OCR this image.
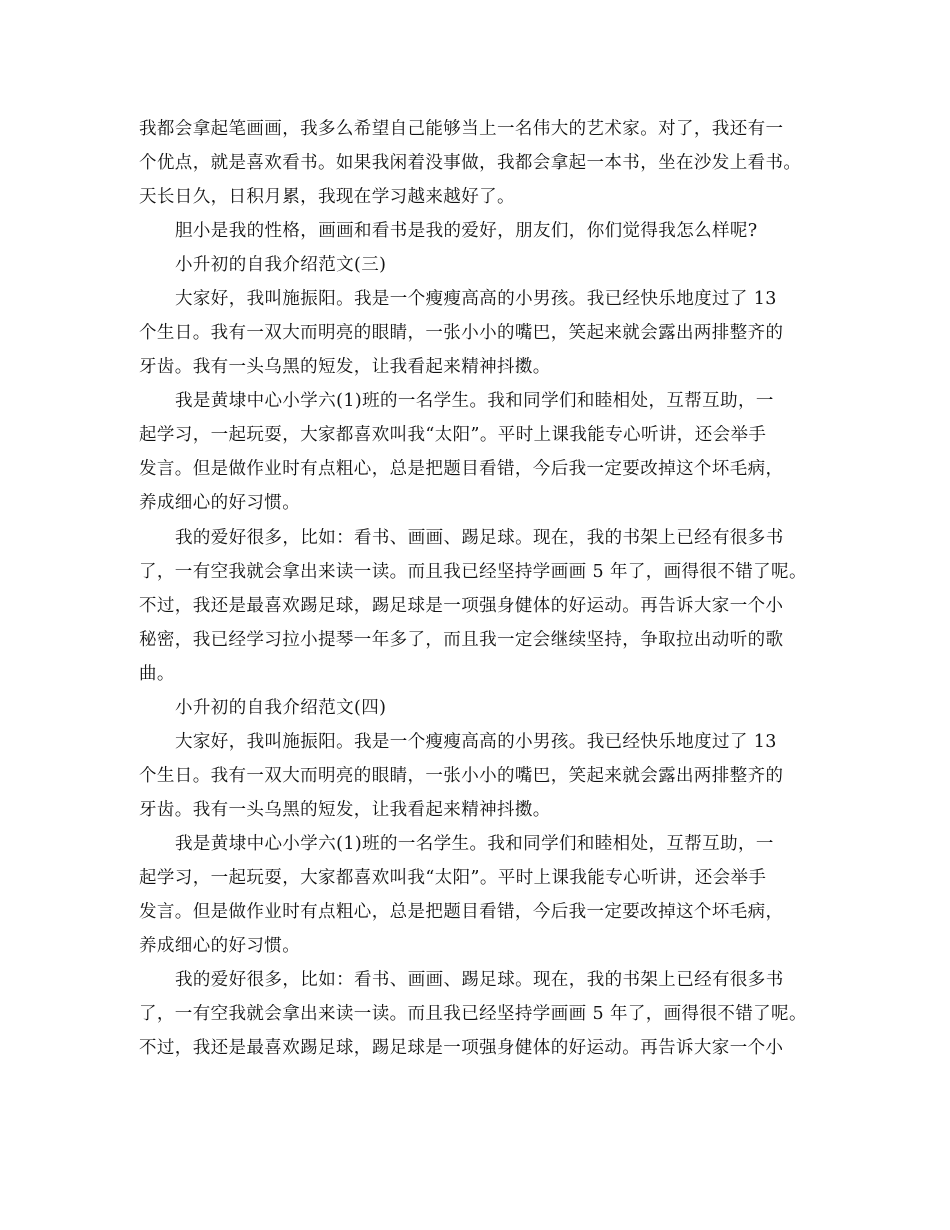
我都会拿起笔画画，我多么希望自己能够当上一名伟大的艺术家。对了，我还有一
个优点，就是喜欢看书。如果我闲着没事做，我都会拿起一本书，坐在沙发上看书。
天长日久，日积月累，我现在学习越来越好了。
胆小是我的性格，画画和看书是我的爱好，朋友们，你们觉得我怎么样呢?
小升初的自我介绍范文(三)
大家好，我叫施振阳。我是一个瘦瘦高高的小男孩。我已经快乐地度过了 13
个生日。我有一双大而明亮的眼睛，一张小小的嘴巴，笑起来就会露出两排整齐的
牙齿。我有一头乌黑的短发，让我看起来精神抖擞。
我是黄埭中心小学六(1)班的一名学生。我和同学们和睦相处，互帮互助，一
起学习，一起玩耍，大家都喜欢叫我“太阳”。平时上课我能专心听讲，还会举手
发言。但是做作业时有点粗心，总是把题目看错，今后我一定要改掉这个坏毛病，
养成细心的好习惯。
我的爱好很多，比如：看书、画画、踢足球。现在，我的书架上已经有很多书
了，一有空我就会拿出来读一读。而且我已经坚持学画画 5 年了，画得很不错了呢。
不过，我还是最喜欢踢足球，踢足球是一项强身健体的好运动。再告诉大家一个小
秘密，我已经学习拉小提琴一年多了，而且我一定会继续坚持，争取拉出动听的歌
曲。
小升初的自我介绍范文(四)
大家好，我叫施振阳。我是一个瘦瘦高高的小男孩。我已经快乐地度过了 13
个生日。我有一双大而明亮的眼睛，一张小小的嘴巴，笑起来就会露出两排整齐的
牙齿。我有一头乌黑的短发，让我看起来精神抖擞。
我是黄埭中心小学六(1)班的一名学生。我和同学们和睦相处，互帮互助，一
起学习，一起玩耍，大家都喜欢叫我“太阳”。平时上课我能专心听讲，还会举手
发言。但是做作业时有点粗心，总是把题目看错，今后我一定要改掉这个坏毛病，
养成细心的好习惯。
我的爱好很多，比如：看书、画画、踢足球。现在，我的书架上已经有很多书
了，一有空我就会拿出来读一读。而且我已经坚持学画画 5 年了，画得很不错了呢。
不过，我还是最喜欢踢足球，踢足球是一项强身健体的好运动。再告诉大家一个小
